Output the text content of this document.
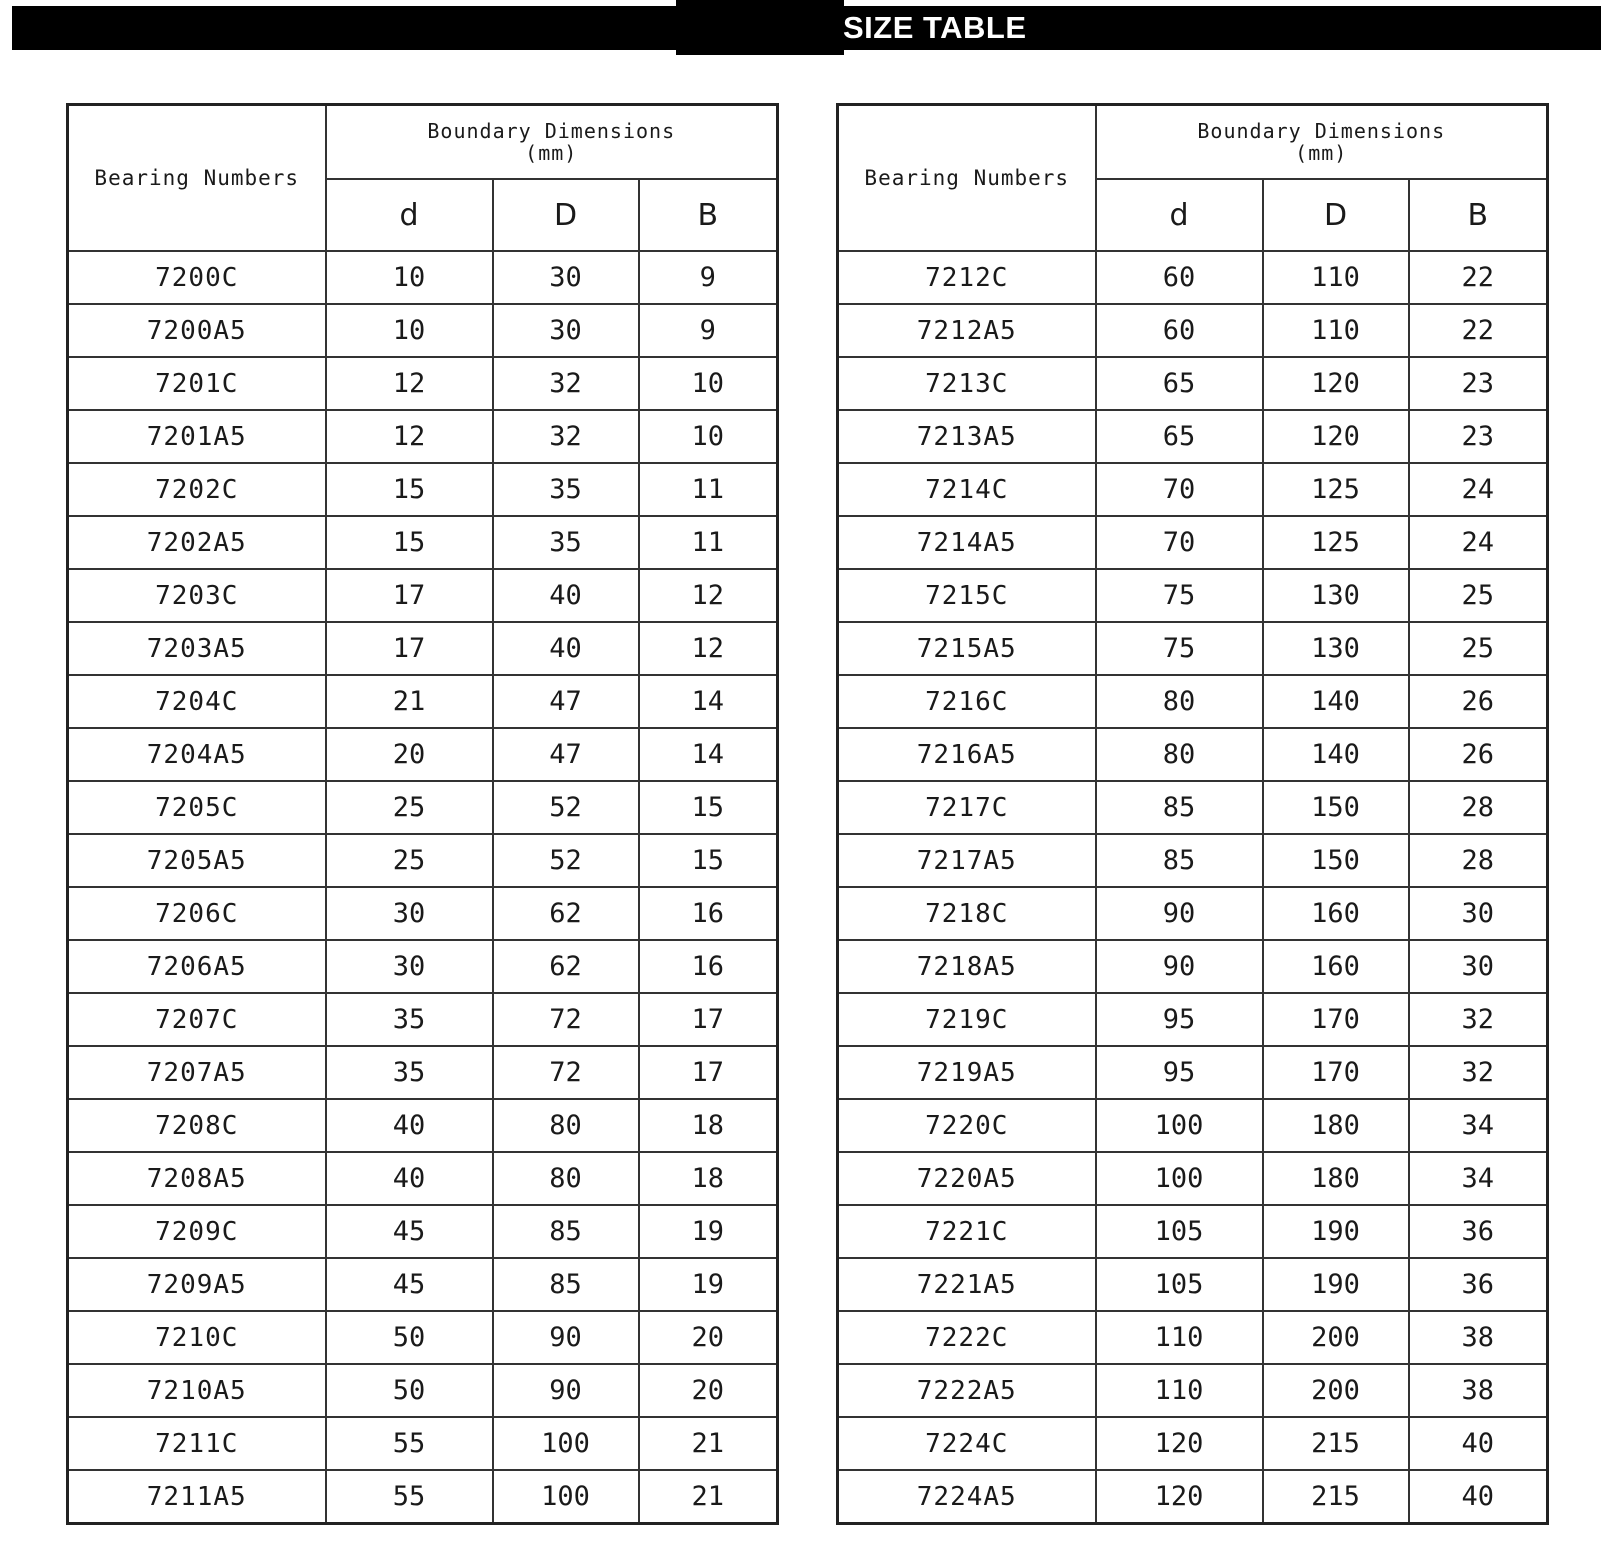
SIZE TABLE
Bearing Numbers	Boundary Dimensions
(mm)		

	d	D	B
7200C	10	30	9
7200A5	10	30	9
7201C	12	32	10
7201A5	12	32	10
7202C	15	35	11
7202A5	15	35	11
7203C	17	40	12
7203A5	17	40	12
7204C	21	47	14
7204A5	20	47	14
7205C	25	52	15
7205A5	25	52	15
7206C	30	62	16
7206A5	30	62	16
7207C	35	72	17
7207A5	35	72	17
7208C	40	80	18
7208A5	40	80	18
7209C	45	85	19
7209A5	45	85	19
7210C	50	90	20
7210A5	50	90	20
7211C	55	100	21
7211A5	55	100	21
Bearing Numbers	Boundary Dimensions
(mm)		

	d	D	B
7212C	60	110	22
7212A5	60	110	22
7213C	65	120	23
7213A5	65	120	23
7214C	70	125	24
7214A5	70	125	24
7215C	75	130	25
7215A5	75	130	25
7216C	80	140	26
7216A5	80	140	26
7217C	85	150	28
7217A5	85	150	28
7218C	90	160	30
7218A5	90	160	30
7219C	95	170	32
7219A5	95	170	32
7220C	100	180	34
7220A5	100	180	34
7221C	105	190	36
7221A5	105	190	36
7222C	110	200	38
7222A5	110	200	38
7224C	120	215	40
7224A5	120	215	40
